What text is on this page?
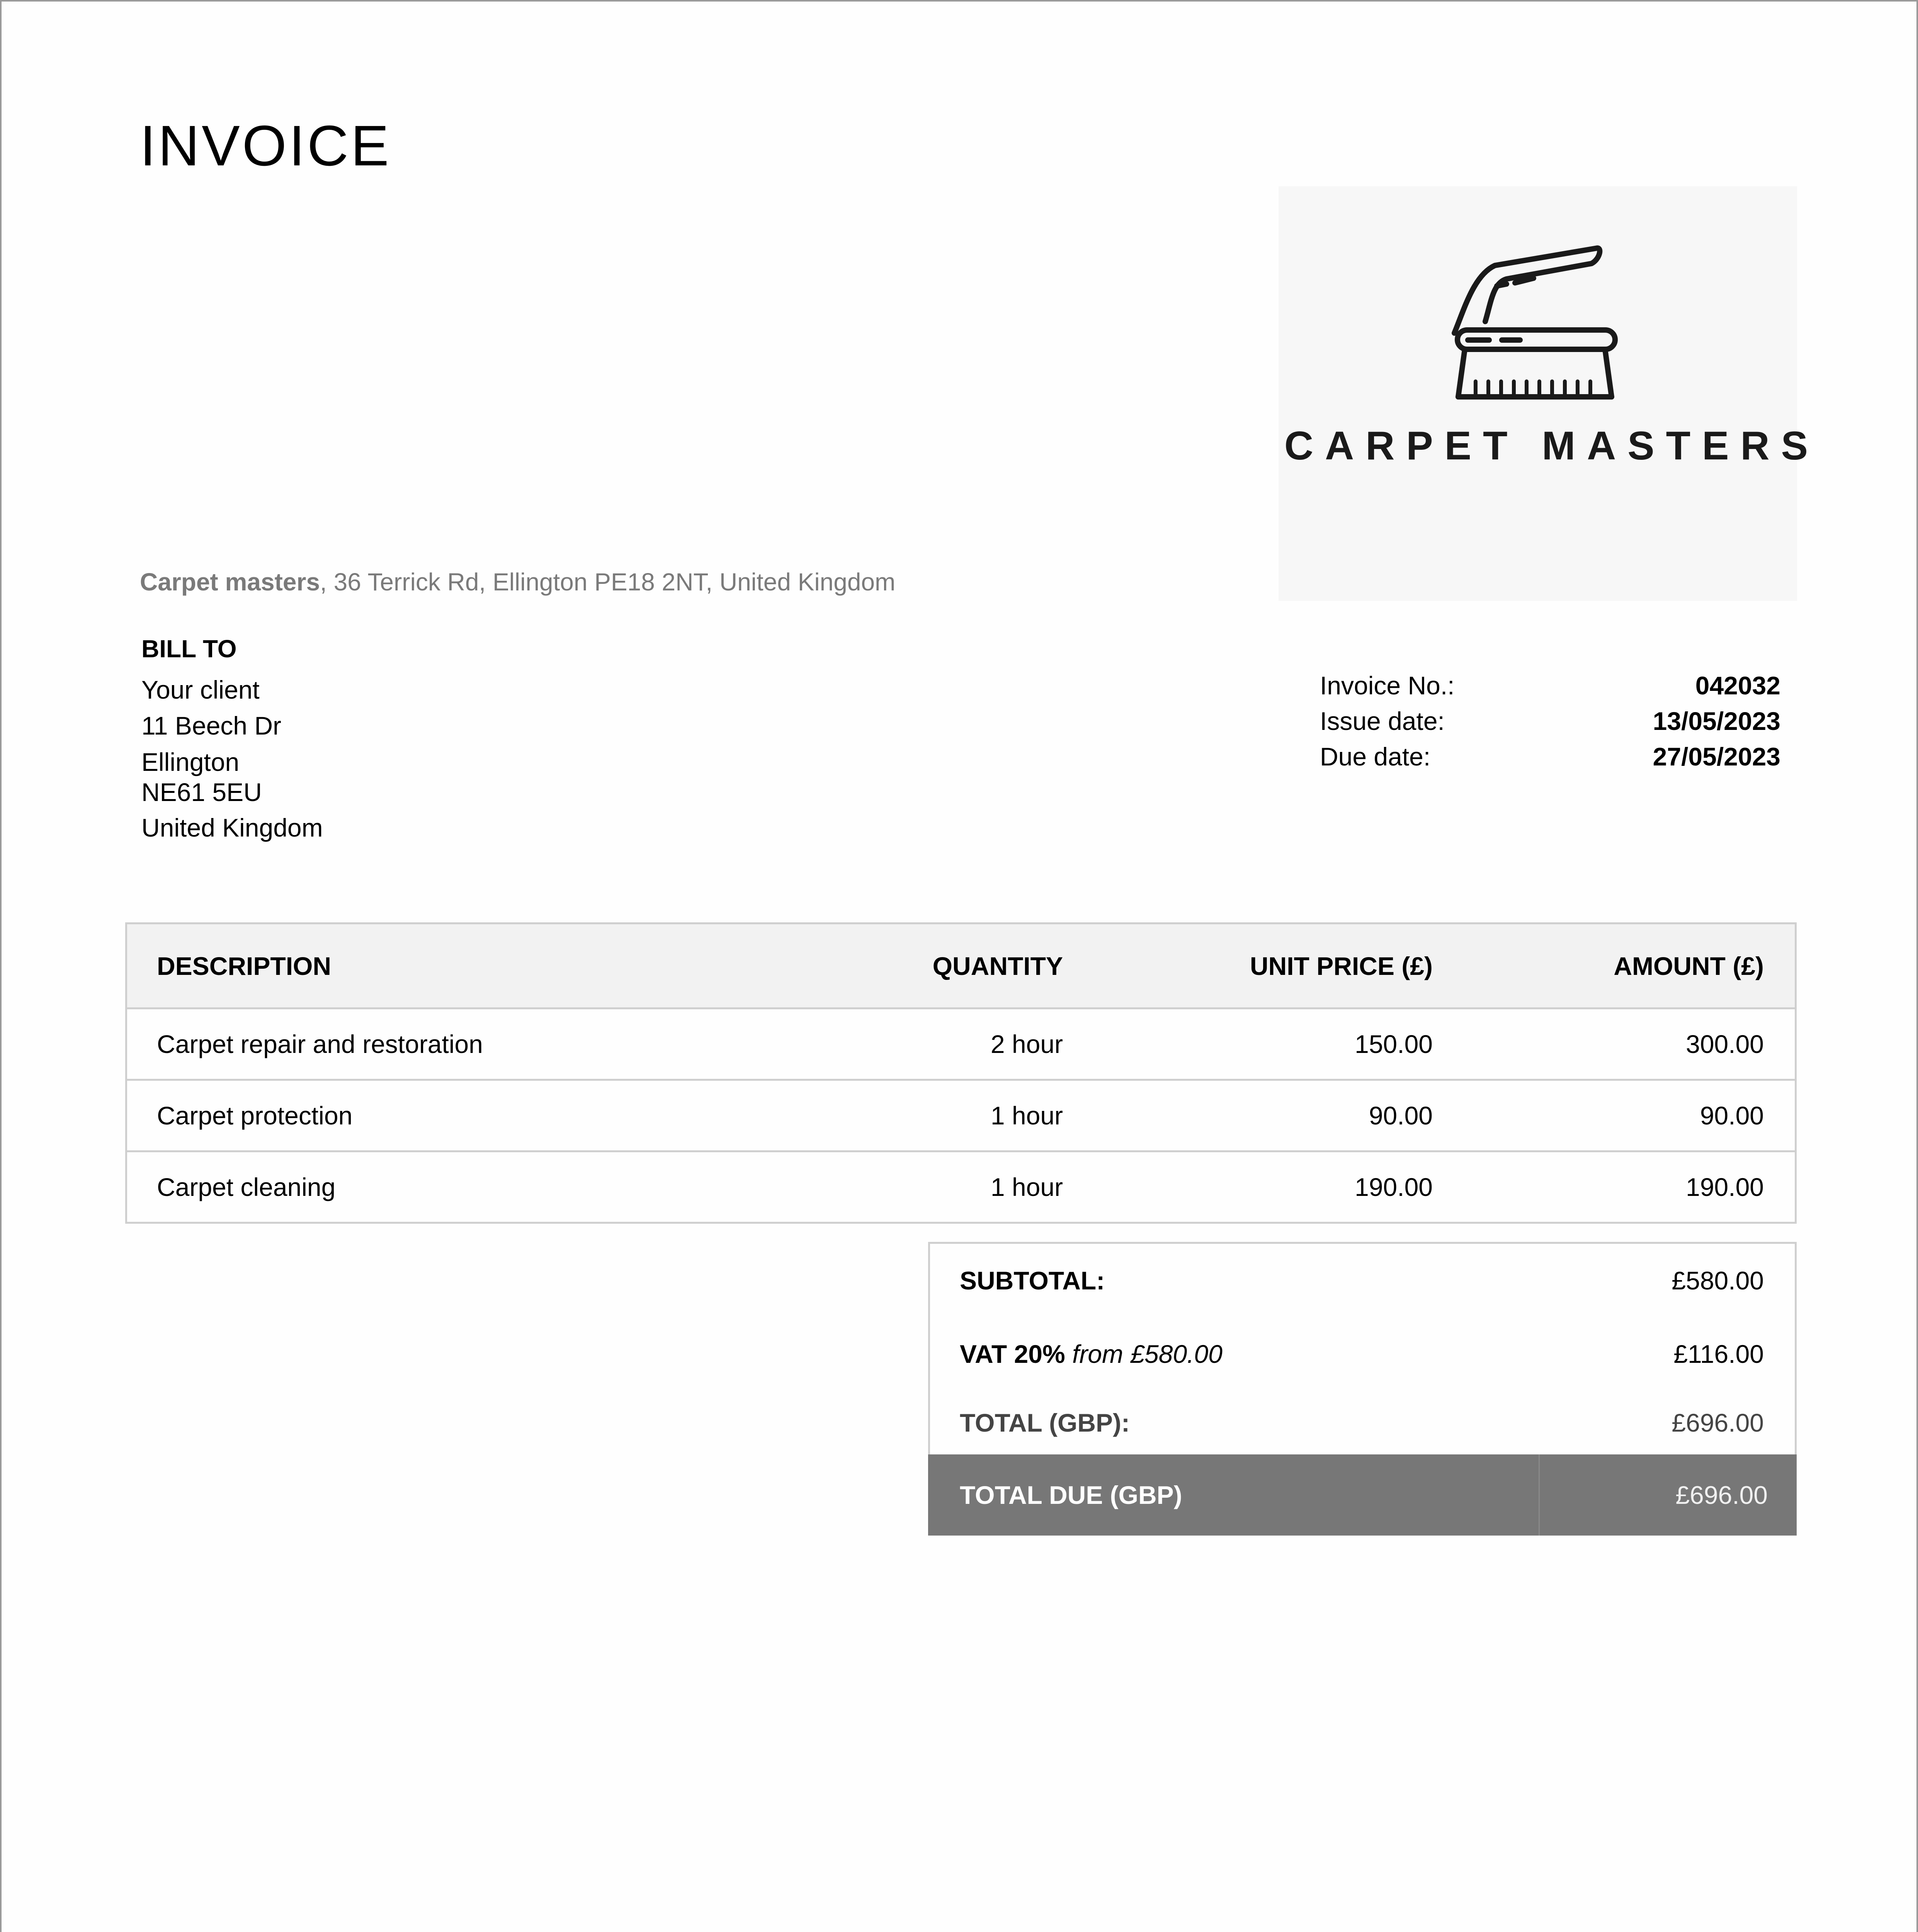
INVOICE
CARPET MASTERS
Carpet masters, 36 Terrick Rd, Ellington PE18 2NT, United Kingdom
BILL TO
Your client
11 Beech Dr
Ellington
NE61 5EU
United Kingdom
Invoice No.:	042032
Issue date:	13/05/2023
Due date:	27/05/2023
DESCRIPTION	QUANTITY	UNIT PRICE (£)	AMOUNT (£)
Carpet repair and restoration	2 hour	150.00	300.00
Carpet protection	1 hour	90.00	90.00
Carpet cleaning	1 hour	190.00	190.00
SUBTOTAL:	£580.00
VAT 20% from £580.00	£116.00
TOTAL (GBP):	£696.00
TOTAL DUE (GBP)	£696.00
